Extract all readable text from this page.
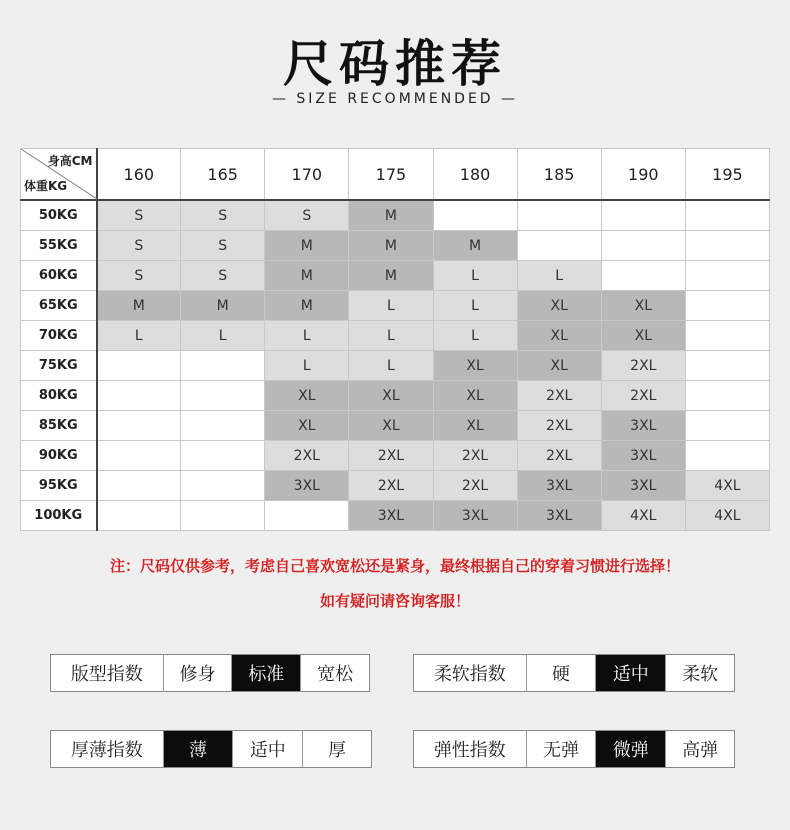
尺码推荐
— SIZE RECOMMENDED —
身高CM
体重KG	160	165	170	175	180	185	190	195
50KG	S	S	S	M				
55KG	S	S	M	M	M			
60KG	S	S	M	M	L	L		
65KG	M	M	M	L	L	XL	XL	
70KG	L	L	L	L	L	XL	XL	
75KG			L	L	XL	XL	2XL	
80KG			XL	XL	XL	2XL	2XL	
85KG			XL	XL	XL	2XL	3XL	
90KG			2XL	2XL	2XL	2XL	3XL	
95KG			3XL	2XL	2XL	3XL	3XL	4XL
100KG				3XL	3XL	3XL	4XL	4XL
注：尺码仅供参考，考虑自己喜欢宽松还是紧身，最终根据自己的穿着习惯进行选择！
如有疑问请咨询客服！
版型指数	修身	标准	宽松	柔软指数	硬	适中	柔软
厚薄指数	薄	适中	厚	弹性指数	无弹	微弹	高弹
